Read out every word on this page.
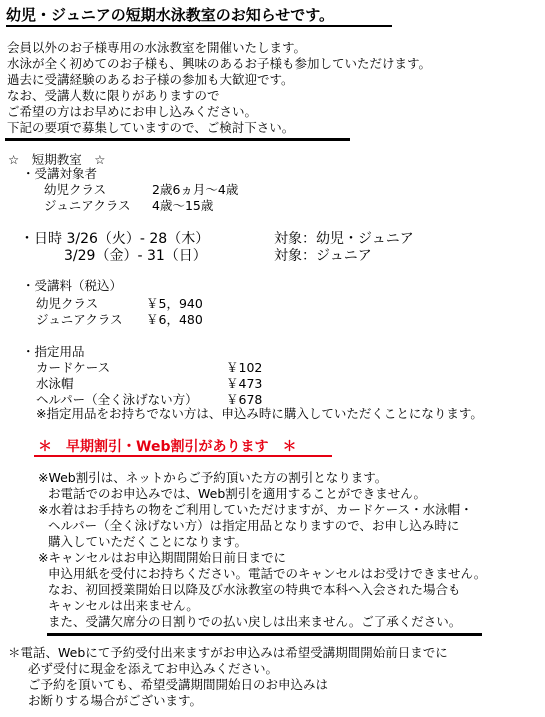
幼児・ジュニアの短期水泳教室のお知らせです。
会員以外のお子様専用の水泳教室を開催いたします。
水泳が全く初めてのお子様も、興味のあるお子様も参加していただけます。
過去に受講経験のあるお子様の参加も大歓迎です。
なお、受講人数に限りがありますので
ご希望の方はお早めにお申し込みください。
下記の要項で募集していますので、ご検討下さい。
☆　短期教室　☆
・受講対象者
幼児クラス	2歳6ヵ月～4歳
ジュニアクラス 4歳～15歳
・日時 3/26（火）- 28（木）	対象：幼児・ジュニア
3/29（金）- 31（日）	対象：ジュニア
・受講料（税込）
幼児クラス	￥5，940
ジュニアクラス ￥6，480
・指定用品
カードケース	￥102
水泳帽	￥473
ヘルパー（全く泳げない方） ￥678
※指定用品をお持ちでない方は、申込み時に購入していただくことになります。
＊　早期割引・Web割引があります　＊
※Web割引は、ネットからご予約頂いた方の割引となります。
お電話でのお申込みでは、Web割引を適用することができません。
※水着はお手持ちの物をご利用していただけますが、カードケース・水泳帽・
ヘルパー（全く泳げない方）は指定用品となりますので、お申し込み時に
購入していただくことになります。
※キャンセルはお申込期間開始日前日までに
申込用紙を受付にお持ちください。電話でのキャンセルはお受けできません。
なお、初回授業開始日以降及び水泳教室の特典で本科へ入会された場合も
キャンセルは出来ません。
また、受講欠席分の日割りでの払い戻しは出来ません。ご了承ください。
＊電話、Webにて予約受付出来ますがお申込みは希望受講期間開始前日までに
必ず受付に現金を添えてお申込みください。
ご予約を頂いても、希望受講期間開始日のお申込みは
お断りする場合がございます。
